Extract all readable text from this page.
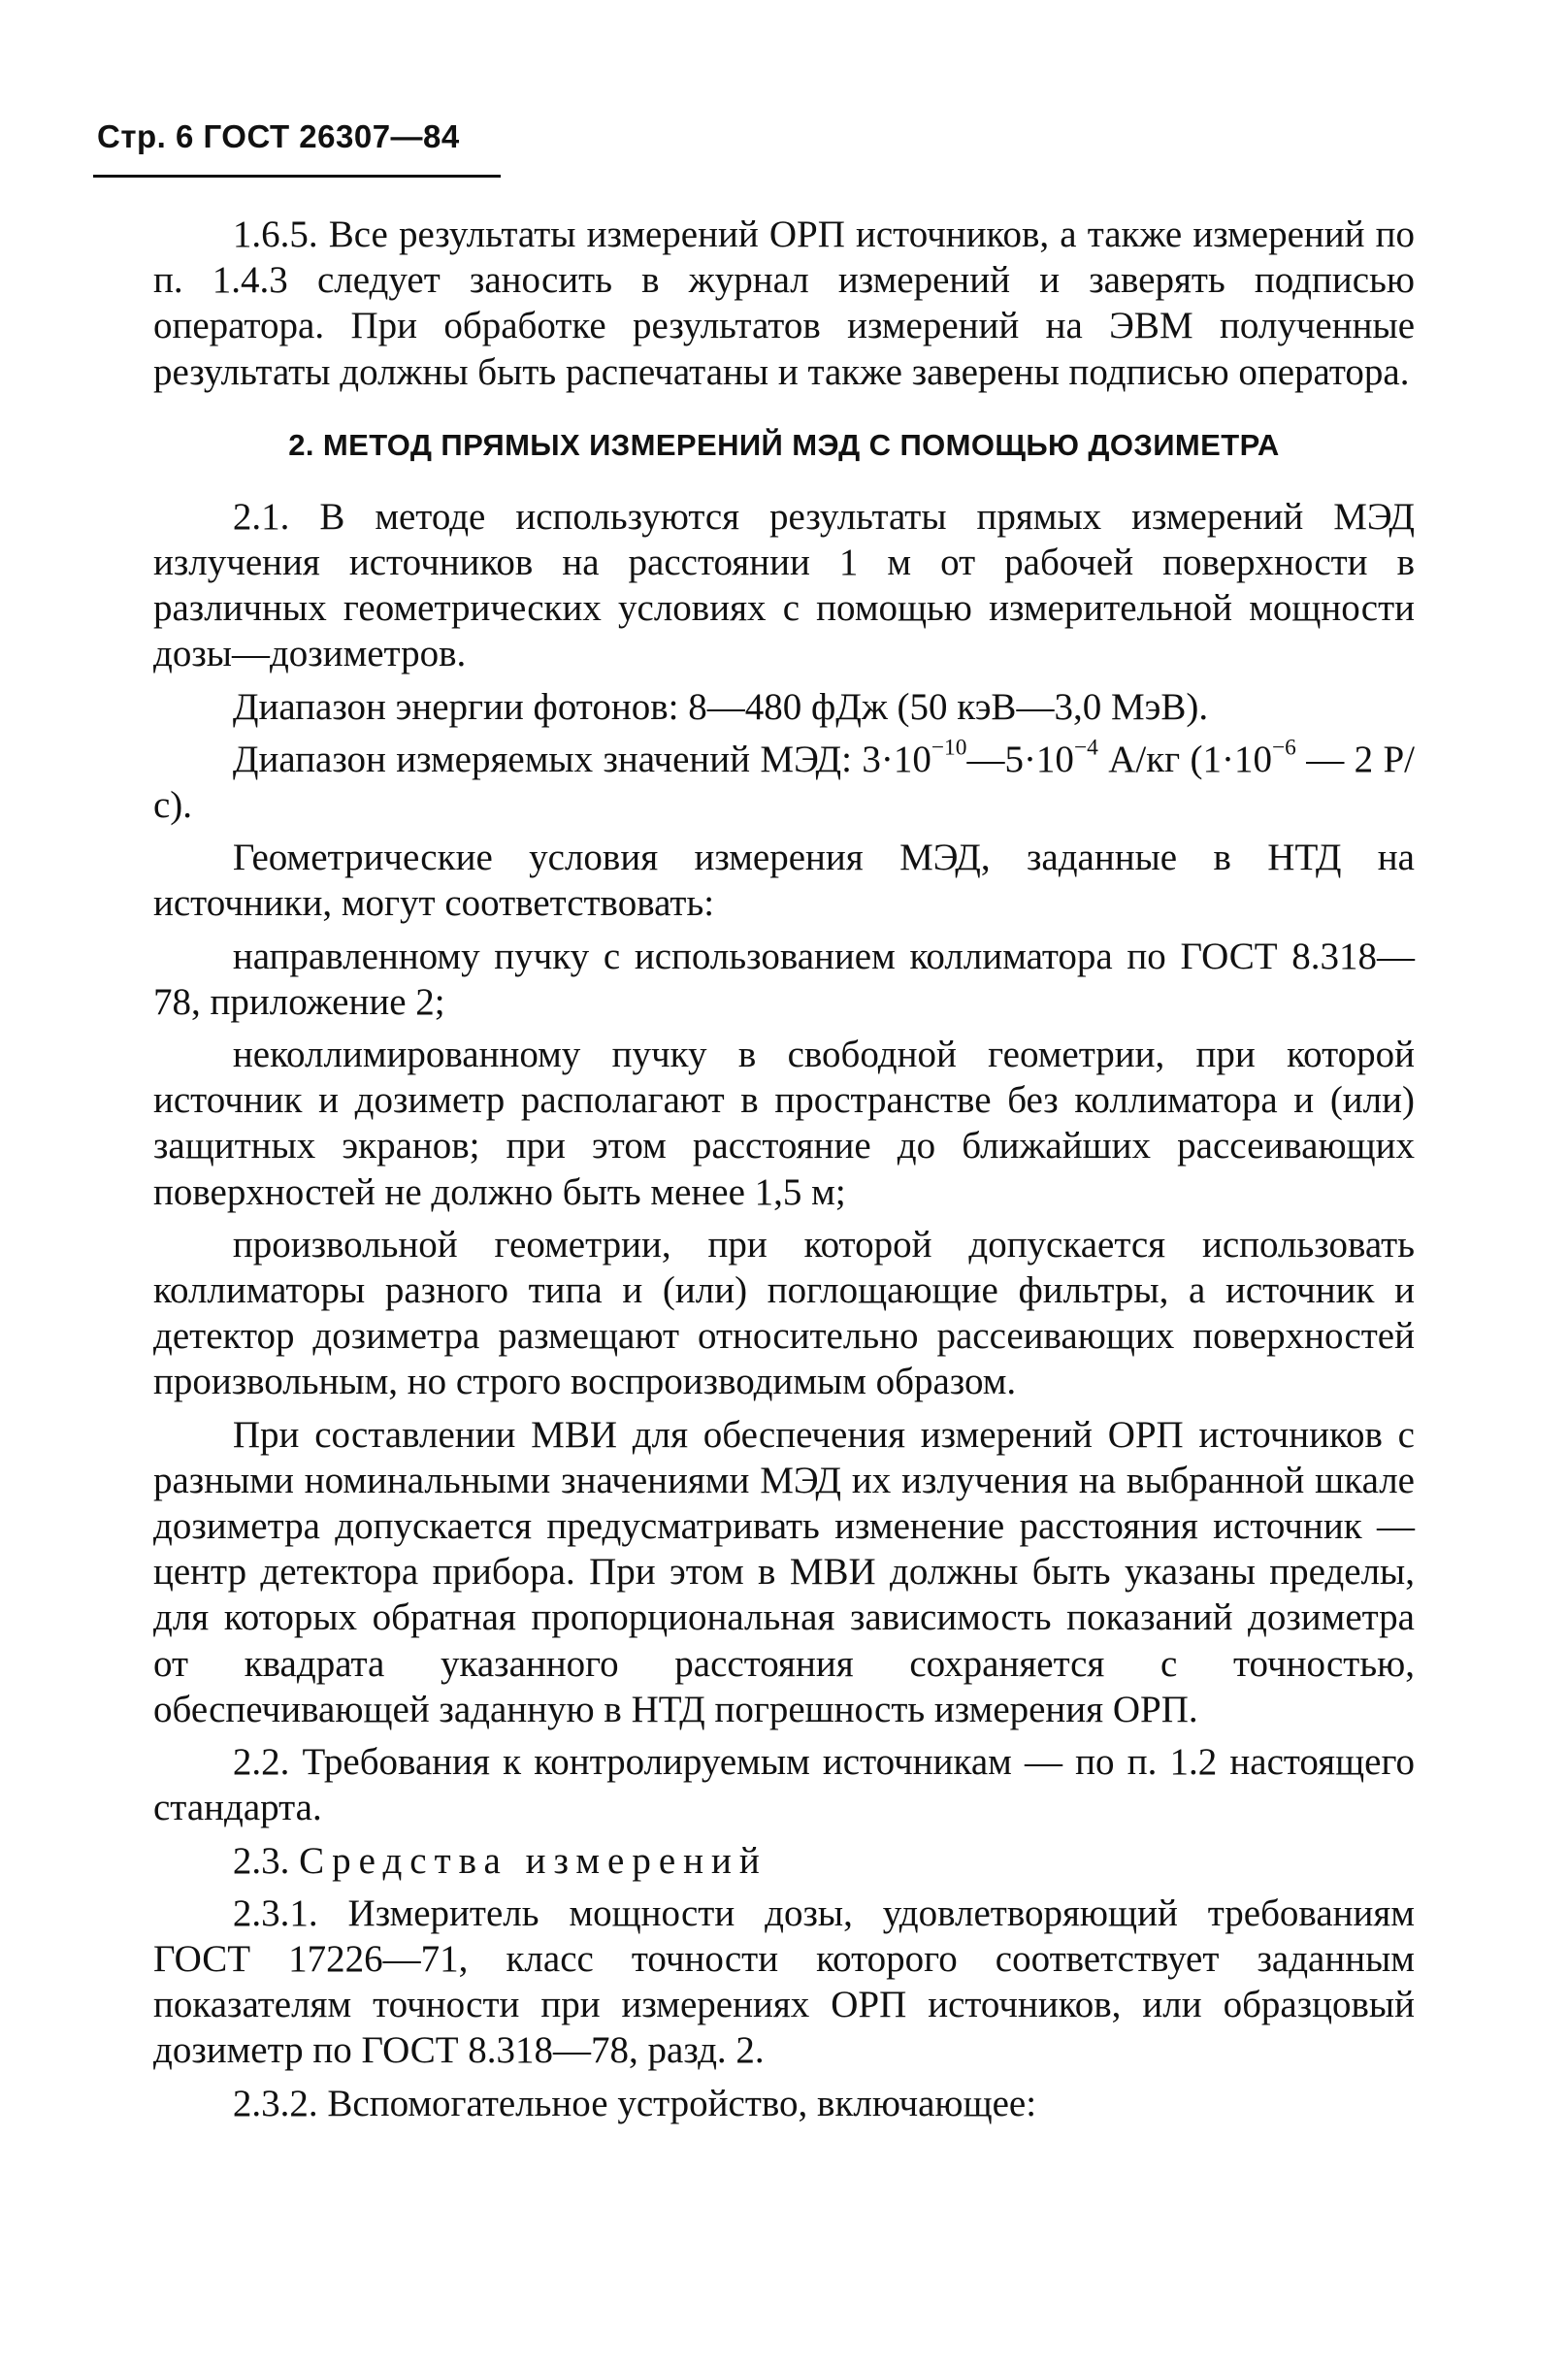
Стр. 6 ГОСТ 26307—84

1.6.5. Все результаты измерений ОРП источников, а также измерений по п. 1.4.3 следует заносить в журнал измерений и заверять подписью оператора. При обработке результатов измерений на ЭВМ полученные результаты должны быть распечатаны и также заверены подписью оператора.

2. МЕТОД ПРЯМЫХ ИЗМЕРЕНИЙ МЭД С ПОМОЩЬЮ ДОЗИМЕТРА

2.1. В методе используются результаты прямых измерений МЭД излучения источников на расстоянии 1 м от рабочей поверхности в различных геометрических условиях с помощью измерительной мощности дозы—дозиметров.

Диапазон энергии фотонов: 8—480 фДж (50 кэВ—3,0 МэВ).

Диапазон измеряемых значений МЭД: $3\cdot 10^{-10}—5\cdot 10^{-4}$ А/кг ($1\cdot 10^{-6}$ — 2 Р/с).

Геометрические условия измерения МЭД, заданные в НТД на источники, могут соответствовать:

направленному пучку с использованием коллиматора по ГОСТ 8.318—78, приложение 2;

неколлимированному пучку в свободной геометрии, при которой источник и дозиметр располагают в пространстве без коллиматора и (или) защитных экранов; при этом расстояние до ближайших рассеивающих поверхностей не должно быть менее 1,5 м;

произвольной геометрии, при которой допускается использовать коллиматоры разного типа и (или) поглощающие фильтры, а источник и детектор дозиметра размещают относительно рассеивающих поверхностей произвольным, но строго воспроизводимым образом.

При составлении МВИ для обеспечения измерений ОРП источников с разными номинальными значениями МЭД их излучения на выбранной шкале дозиметра допускается предусматривать изменение расстояния источник — центр детектора прибора. При этом в МВИ должны быть указаны пределы, для которых обратная пропорциональная зависимость показаний дозиметра от квадрата указанного расстояния сохраняется с точностью, обеспечивающей заданную в НТД погрешность измерения ОРП.

2.2. Требования к контролируемым источникам — по п. 1.2 настоящего стандарта.

2.3. Средства измерений

2.3.1. Измеритель мощности дозы, удовлетворяющий требованиям ГОСТ 17226—71, класс точности которого соответствует заданным показателям точности при измерениях ОРП источников, или образцовый дозиметр по ГОСТ 8.318—78, разд. 2.

2.3.2. Вспомогательное устройство, включающее:
